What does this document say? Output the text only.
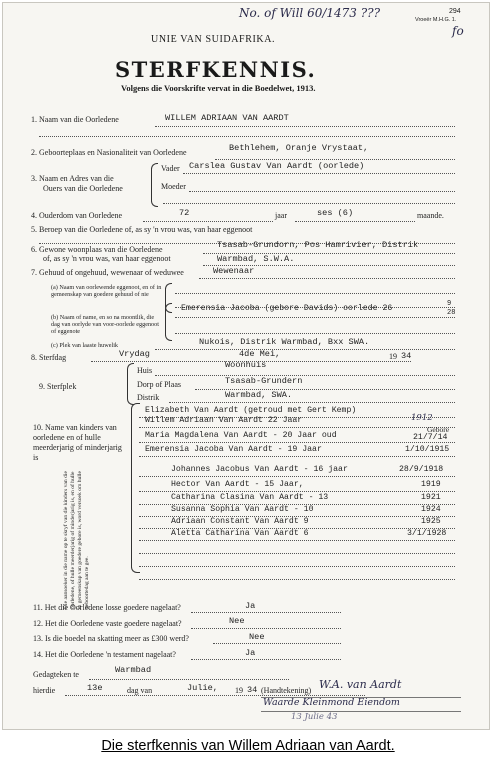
No. of Will 60/1473 ???	294
Vroeër M.H.G. 1.
fo
UNIE VAN SUIDAFRIKA.
STERFKENNIS.
Volgens die Voorskrifte vervat in die Boedelwet, 1913.
1. Naam van die Oorledene	WILLEM ADRIAAN VAN AARDT
2. Geboorteplaas en Nasionaliteit van Oorledene	Bethlehem, Oranje Vrystaat,
3. Naam en Adres van die
Ouers van die Oorledene
Vader Carslea Gustav Van Aardt (oorlede)
Moeder
4. Ouderdom van Oorledene	72	jaar	ses (6)	maande.
5. Beroep van die Oorledene of, as sy 'n vrou was, van haar eggenoot
6. Gewone woonplaas van die Oorledene
of, as sy 'n vrou was, van haar eggenoot
Tsasab-Grundorn, Pos Hamrivier, Distrik
Warmbad, S.W.A.
7. Gehuud of ongehuud, wewenaar of weduwee	Wewenaar
(a) Naam van oorlewende eggenoot, en of in gemeenskap van goedere gehuud of nie
(b) Naam of name, en so na moontlik, die dag van oorlyde van voor-oorlede eggenoot of eggenote
Emerensia Jacoba (gebore Davids) oorlede 26	9
28
(c) Plek van laaste huwelik	Nukois, Distrik Warmbad, Bxx SWA.
8. Sterfdag	Vrydag	4de Mei,	19 34
9. Sterfplek
Huis
Woonhuis
Dorp of Plaas	Tsasab-Grundern
Distrik	Warmbad, SWA.
10. Name van kinders van oorledene en of hulle meerderjarig of minderjarig is
Elizabeth Van Aardt (getroud met Gert Kemp)
Willem Adriaan Van Aardt 22 Jaar	1912
Gebore
Maria Magdalena Van Aardt - 20 Jaar oud	21/7/14
Emerensia Jacoba Van Aardt - 19 Jaar	1/10/1915
Johannes Jacobus Van Aardt - 16 jaar	28/9/1918
Hector Van Aardt - 15 Jaar,	1919
Catharina Clasina Van Aardt - 13	1921
Susanna Sophia Van Aardt - 10	1924
Adriaan Constant Van Aardt 9	1925
Aletta Catharina Van Aardt 6	3/1/1928
Die aansoeker in die name op te skryf van die kinders van die oorledene, of hulle meerderjarig of minderjarig is, en of hulle in gemeenskap van goedere gebore is, word versoek om hulle geboortedag aan te gee.
11. Het die Oorledene losse goedere nagelaat?	Ja
12. Het die Oorledene vaste goedere nagelaat?	Nee
13. Is die boedel na skatting meer as £300 werd?	Nee
14. Het die Oorledene 'n testament nagelaat?	Ja
Gedagteken te	Warmbad
hierdie	13e	dag van	Julie, 19 34 (Handtekening) W.A. van Aardt
Waarde Kleinmond Eiendom
13 Julie 43
Die sterfkennis van Willem Adriaan van Aardt.
